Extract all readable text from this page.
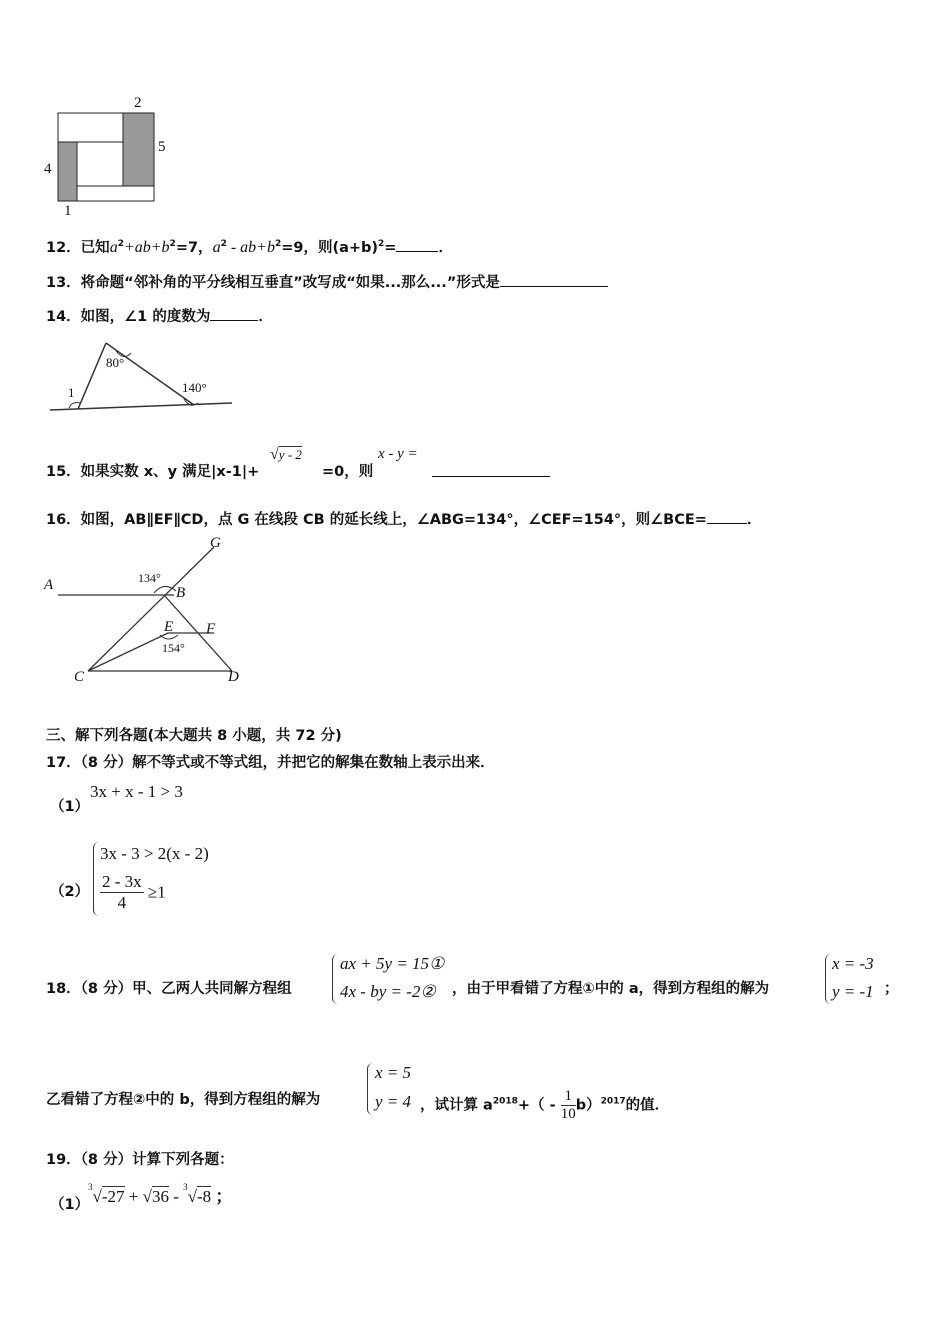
2
5
4
1
12．已知$a^2+ab+b^2=7$，$a^2 - ab+b^2=9$，则$(a+b)^2=$	．
13．将命题“邻补角的平分线相互垂直”改写成“如果...那么...”形式是
14．如图，∠1 的度数为	．
80°
140°
1
15．如果实数 x、y 满足|x-1|+
√y - 2
=0，则
x - y =
16．如图，AB∥EF∥CD，点 G 在线段 CB 的延长线上，∠ABG=134°，∠CEF=154°，则∠BCE=	．
G
A	B
E F
C	D
134°
154°
三、解下列各题(本大题共 8 小题，共 72 分)
17．（8 分）解不等式或不等式组，并把它的解集在数轴上表示出来．
（1）
3x + x - 1 > 3
（2）
3x - 3 > 2(x - 2)
$\frac{2 - 3x}{4} \ge 1$
18．（8 分）甲、乙两人共同解方程组
ax + 5y = 15①
4x - by = -2② ，由于甲看错了方程①中的 a，得到方程组的解为
x = -3
y = -1 ；
乙看错了方程②中的 b，得到方程组的解为
x = 5
y = 4 ，试计算 $a^{2018}+( - \frac{1}{10} b)^{2017}$的值．
19．（8 分）计算下列各题：
（1）
$^3$√-27 + √36 - $^3$√-8 ；
